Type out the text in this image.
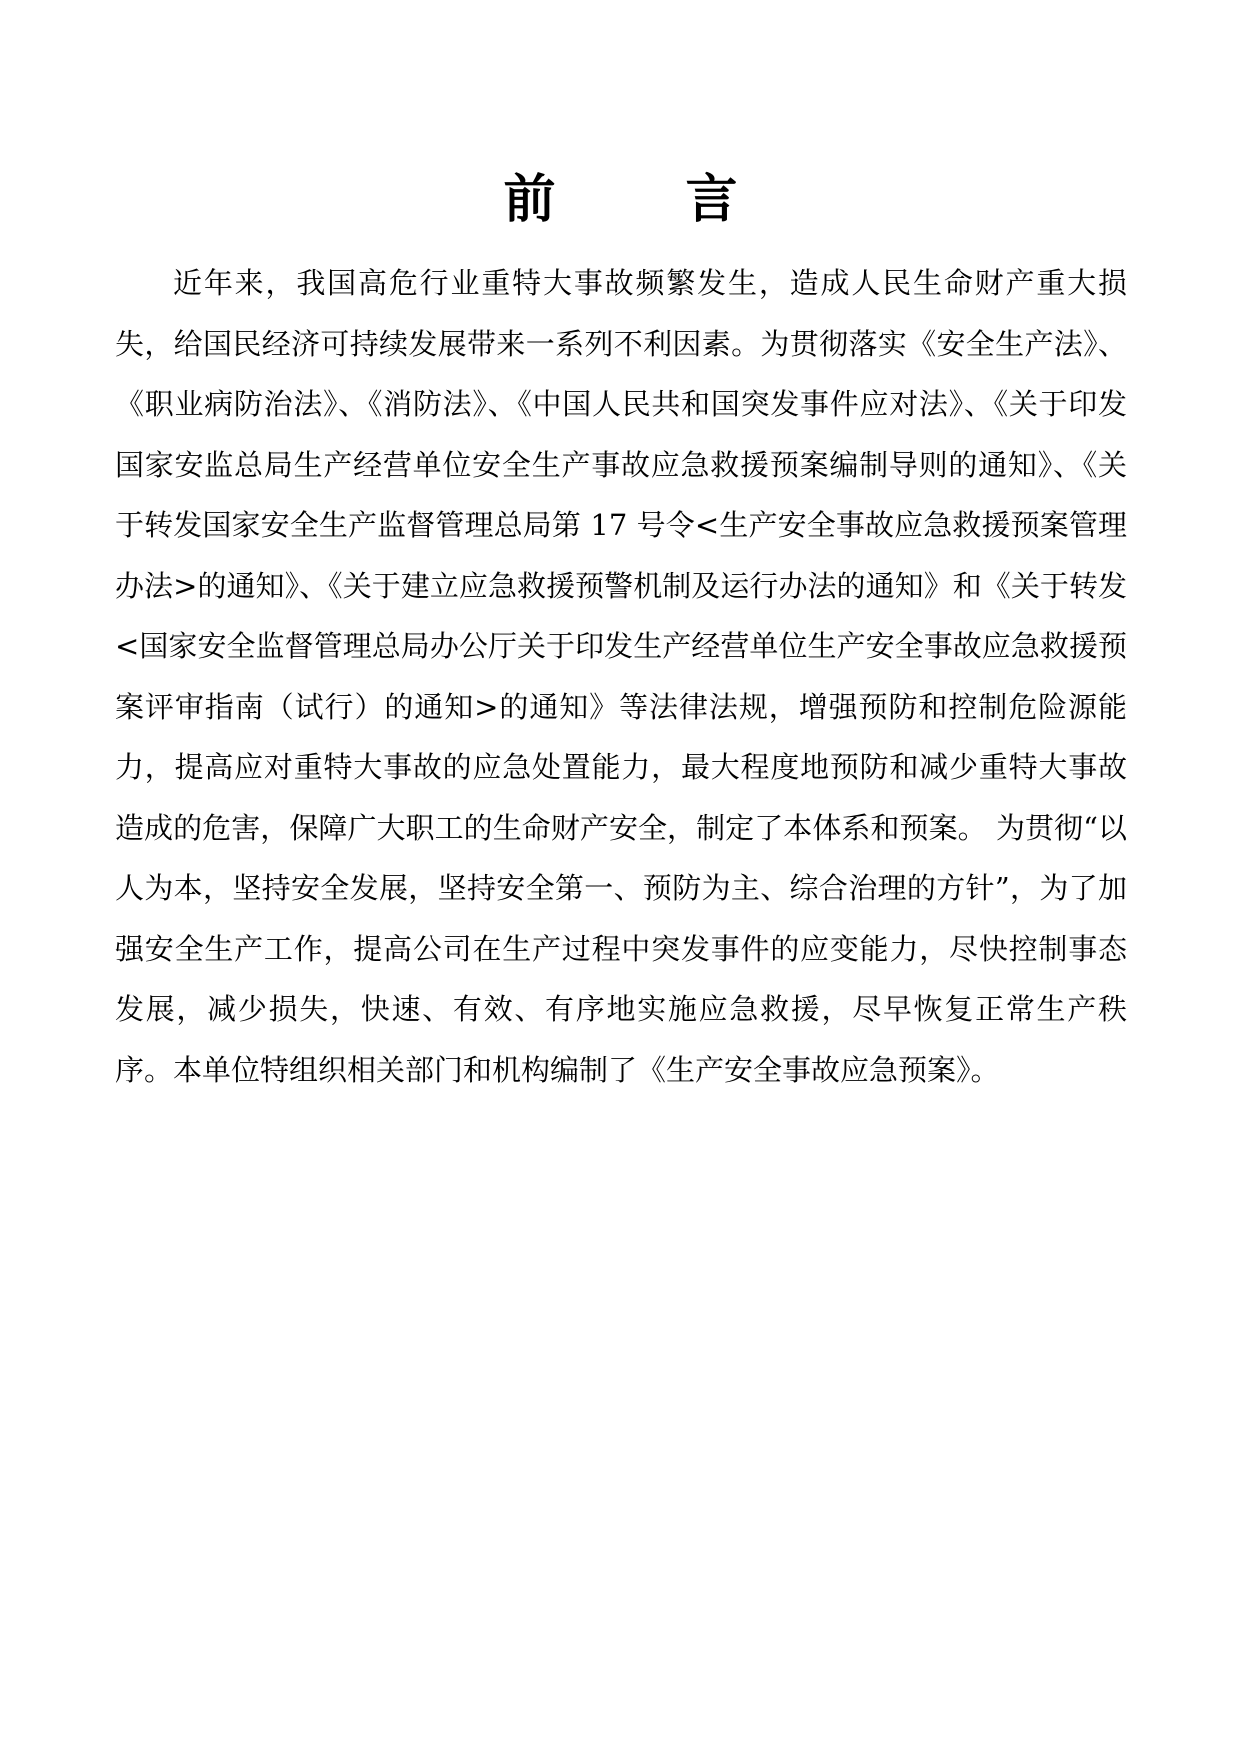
前	言

近年来，我国高危行业重特大事故频繁发生，造成人民生命财产重大损失，给国民经济可持续发展带来一系列不利因素。为贯彻落实《安全生产法》、《职业病防治法》、《消防法》、《中国人民共和国突发事件应对法》、《关于印发国家安监总局生产经营单位安全生产事故应急救援预案编制导则的通知》、《关于转发国家安全生产监督管理总局第 17 号令<生产安全事故应急救援预案管理办法>的通知》、《关于建立应急救援预警机制及运行办法的通知》和《关于转发<国家安全监督管理总局办公厅关于印发生产经营单位生产安全事故应急救援预案评审指南（试行）的通知>的通知》等法律法规，增强预防和控制危险源能力，提高应对重特大事故的应急处置能力，最大程度地预防和减少重特大事故造成的危害，保障广大职工的生命财产安全，制定了本体系和预案。 为贯彻“以人为本，坚持安全发展，坚持安全第一、预防为主、综合治理的方针”，为了加强安全生产工作，提高公司在生产过程中突发事件的应变能力，尽快控制事态发展，减少损失，快速、有效、有序地实施应急救援，尽早恢复正常生产秩序。本单位特组织相关部门和机构编制了《生产安全事故应急预案》。
